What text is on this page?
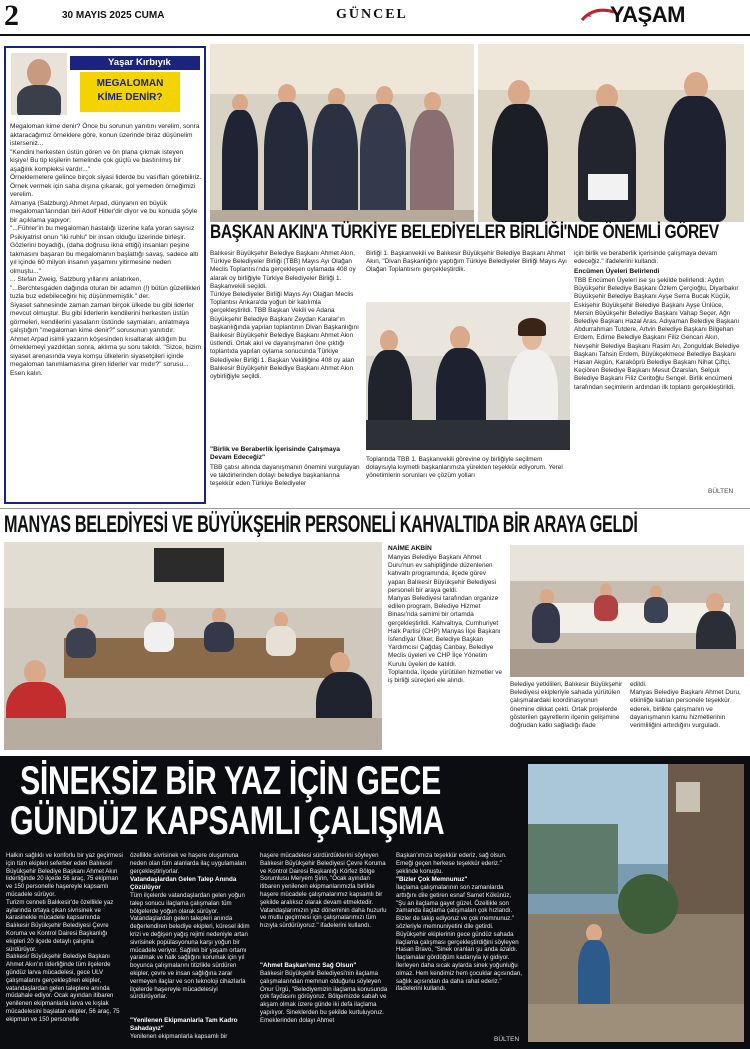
2	30 MAYIS 2025 CUMA	GÜNCEL	YAŞAM
Yaşar Kırbıyık
MEGALOMAN
KİME DENİR?
Megaloman kime denir? Önce bu sorunun yanıtını verelim, sonra aktaracağımız örneklere göre, konun üzerinde biraz düşünelim isterseniz...
"Kendini herkesten üstün gören ve ön plana çıkmak isteyen kişiye! Bu tip kişilerin temelinde çok güçlü ve bastırılmış bir aşağılık kompleksi vardır..."
Örneklemelere gelince birçok siyasi liderde bu vasıfları görebiliriz. Örnek vermek için saha dışına çıkarak, gol yemeden örneğimizi verelim.
Almanya (Salzburg) Ahmet Arpad, dünyanın en büyük megaloman'larından biri Adolf Hitler'dir diyor ve bu konuda şöyle bir açıklama yapıyor:
"...Führer'in bu megaloman hastalığı üzerine kafa yoran sayısız Psikiyatrist onun "iki ruhlu" bir insan olduğu üzerinde birleşir. Gözlerini boyadığı, (daha doğrusu ikna ettiği) insanları peşine takmasını başaran bu megalomanın başlattığı savaş, sadece altı yıl içinde 60 milyon insanın yaşamını yitirmesine neden olmuştu..."
... Stefan Zweig, Salzburg yıllarını anlatırken,
"...Berchtesgaden dağında oturan bir adamın (!) bütün güzellikleri tuzla buz edebileceğini hiç düşünmemiştik." der.
Siyaset sahnesinde zaman zaman birçok ülkede bu gibi liderler mevcut olmuştur. Bu gibi liderlerin kendilerini herkesten üstün görmeleri, kendilerini yasaların üstünde saymaları, anlatmaya çalıştığım "megaloman kime denir?" sorusunun yanıtıdır.
Ahmet Arpad isimli yazarın köşesinden kısaltarak aldığım bu örneklemeyi yazdıktan sonra, aklıma şu soru takıldı. "Sizce, bizim siyaset arenasında veya komşu ülkelerin siyasetçileri içinde megaloman tanımlamasına giren liderler var mıdır?" sorusu... Esen kalın.
BAŞKAN AKIN'A TÜRKİYE BELEDİYELER BİRLİĞİ'NDE ÖNEMLİ GÖREV
Balıkesir Büyükşehir Belediye Başkanı Ahmet Akın, Türkiye Belediyeler Birliği (TBB) Mayıs Ayı Olağan Meclis Toplantısı'nda gerçekleşen oylamada 408 oy alarak oy birliğiyle Türkiye Belediyeler Birliği 1. Başkanvekili seçildi.
Türkiye Belediyeler Birliği Mayıs Ayı Olağan Meclis Toplantısı Ankara'da yoğun bir katılımla gerçekleştirildi. TBB Başkan Vekili ve Adana Büyükşehir Belediye Başkanı Zeydan Karalar'ın başkanlığında yapılan toplantının Divan Başkanlığını Balıkesir Büyükşehir Belediye Başkanı Ahmet Akın üstlendi. Ortak akıl ve dayanışmanın öne çıktığı toplantıda yapılan oylama sonucunda Türkiye Belediyeler Birliği 1. Başkan Vekilliğine 408 oy alan Balıkesir Büyükşehir Belediye Başkanı Ahmet Akın oybirliğiyle seçildi.
"Birlik ve Beraberlik İçerisinde Çalışmaya Devam Edeceğiz"
TBB çatısı altında dayanışmanın önemini vurgulayan ve takdirlerinden dolayı belediye başkanlarına teşekkür eden Türkiye Belediyeler
Birliği 1. Başkanvekili ve Balıkesir Büyükşehir Belediye Başkanı Ahmet Akın, "Divan Başkanlığını yaptığım Türkiye Belediyeler Birliği Mayıs Ayı Olağan Toplantısını gerçekleştirdik.
Toplantıda TBB 1. Başkanvekili görevine oy birliğiyle seçilmem dolayısıyla kıymetli başkanlarımıza yürekten teşekkür ediyorum. Yerel yönetimlerin sorunları ve çözüm yolları
için birlik ve beraberlik içerisinde çalışmaya devam edeceğiz." ifadelerini kullandı.
Encümen Üyeleri Belirlendi
TBB Encümen Üyeleri ise şu şekilde belirlendi: Aydın Büyükşehir Belediye Başkanı Özlem Çerçioğlu, Diyarbakır Büyükşehir Belediye Başkanı Ayşe Serra Bucak Küçük, Eskişehir Büyükşehir Belediye Başkanı Ayşe Ünlüce, Mersin Büyükşehir Belediye Başkanı Vahap Seçer, Ağrı Belediye Başkanı Hazal Aras, Adıyaman Belediye Başkanı Abdurrahman Tutdere, Artvin Belediye Başkanı Bilgehan Erdem, Edirne Belediye Başkanı Filiz Gencan Akın, Nevşehir Belediye Başkanı Rasim Arı, Zonguldak Belediye Başkanı Tahsin Erdem, Büyükçekmece Belediye Başkanı Hasan Akgün, Karaköprü Belediye Başkanı Nihat Çiftçi, Keçiören Belediye Başkanı Mesut Özarslan, Selçuk Belediye Başkanı Filiz Ceritoğlu Sengel. Birlik encümeni tarafından seçimlerin ardından ilk toplantı gerçekleştirildi.
BÜLTEN
MANYAS BELEDİYESİ VE BÜYÜKŞEHİR PERSONELİ KAHVALTIDA BİR ARAYA GELDİ
NAİME AKBİN
Manyas Belediye Başkanı Ahmet Duru'nun ev sahipliğinde düzenlenen kahvaltı programında, ilçede görev yapan Balıkesir Büyükşehir Belediyesi personeli bir araya geldi.
Manyas Belediyesi tarafından organize edilen program, Belediye Hizmet Binası'nda samimi bir ortamda gerçekleştirildi. Kahvaltıya, Cumhuriyet Halk Partisi (CHP) Manyas İlçe Başkanı İsfendiyar Ülker, Belediye Başkan Yardımcısı Çağdaş Canbay, Belediye Meclis üyeleri ve CHP İlçe Yönetim Kurulu üyeleri de katıldı.
Toplantıda, ilçede yürütülen hizmetler ve iş birliği süreçleri ele alındı.
Belediye yetkilileri, Balıkesir Büyükşehir Belediyesi ekipleriyle sahada yürütülen çalışmalardaki koordinasyonun önemine dikkat çekti. Ortak projelerde gösterilen gayretlerin ilçenin gelişimine doğrudan katkı sağladığı ifade
edildi.
Manyas Belediye Başkanı Ahmet Duru, etkinliğe katılan personele teşekkür ederek, birlikte çalışmanın ve dayanışmanın kamu hizmetlerinin verimliliğini artırdığını vurguladı.
SİNEKSİZ BİR YAZ İÇİN GECE
GÜNDÜZ KAPSAMLI ÇALIŞMA
Halkın sağlıklı ve konforlu bir yaz geçirmesi için tüm ekipleri seferber eden Balıkesir Büyükşehir Belediye Başkanı Ahmet Akın liderliğinde 20 ilçede 56 araç, 75 ekipman ve 150 personelle haşereyle kapsamlı mücadele sürüyor.
Turizm cenneti Balıkesir'de özellikle yaz aylarında ortaya çıkan sivrisinek ve karasinekle mücadele kapsamında Balıkesir Büyükşehir Belediyesi Çevre Koruma ve Kontrol Dairesi Başkanlığı ekipleri 20 ilçede detaylı çalışma sürdürüyor.
Balıkesir Büyükşehir Belediye Başkanı Ahmet Akın'ın liderliğinde tüm ilçelerde gündüz larva mücadelesi, gece ULV çalışmalarını gerçekleştiren ekipler, vatandaşlardan gelen taleplere anında müdahale ediyor. Ocak ayından itibaren yenilenen ekipmanlarla larva ve kışlak mücadelesini başlatan ekipler, 56 araç, 75 ekipman ve 150 personelle
özellikle sivrisinek ve haşere oluşumuna neden olan tüm alanlarda ilaç uygulamaları gerçekleştiriyorlar.
Vatandaşlardan Gelen Talep Anında Çözülüyor
Tüm ilçelerde vatandaşlardan gelen yoğun talep sonucu ilaçlama çalışmaları tüm bölgelerde yoğun olarak sürüyor. Vatandaşlardan gelen talepleri anında değerlendiren belediye ekipleri, küresel iklim krizi ve değişen yağış rejimi nedeniyle artan sivrisinek popülasyonuna karşı yoğun bir mücadele veriyor. Sağlıklı bir yaşam ortamı yaratmak ve halk sağlığını korumak için yıl boyunca çalışmalarını titizlikle sürdüren ekipler, çevre ve insan sağlığına zarar vermeyen ilaçlar ve son teknoloji cihazlarla ilçelerde haşereyle mücadelesiyi sürdürüyorlar.
"Yenilenen Ekipmanlarla Tam Kadro Sahadayız"
Yenilenen ekipmanlarla kapsamlı bir
haşere mücadelesi sürdürdüklerini söyleyen Balıkesir Büyükşehir Belediyesi Çevre Koruma ve Kontrol Dairesi Başkanlığı Körfez Bölge Sorumlusu Meryem Şirin, "Ocak ayından itibaren yenilenen ekipmanlarımızla birlikte haşere mücadele çalışmalarımız kapsamlı bir şekilde aralıksız olarak devam etmektedir. Vatandaşlarımızın yaz döneminin daha huzurlu ve mutlu geçirmesi için çalışmalarımızı tüm hızıyla sürdürüyoruz." ifadelerini kullandı.
"Ahmet Başkan'ımız Sağ Olsun"
Balıkesir Büyükşehir Belediyesi'nin ilaçlama çalışmalarından memnun olduğunu söyleyen Onur Ürgü, "Belediyemizin ilaçlama konusunda çok faydasını görüyoruz. Bölgemizde sabah ve akşam olmak üzere günde iki defa ilaçlama yapılıyor. Sineklerden bu şekilde kurtuluyoruz. Emeklerinden dolayı Ahmet
Başkan'ımıza teşekkür ederiz, sağ olsun. Emeği geçen herkese teşekkür ederiz." şeklinde konuştu.
"Bizler Çok Memnunuz"
İlaçlama çalışmalarının son zamanlarda arttığını dile getiren esnaf Samet Kökünüz, "Şu an ilaçlama gayet güzel. Özellikle son zamanda ilaçlama çalışmaları çok hızlandı. Bizler de takip ediyoruz ve çok memnunuz." sözleriyle memnuniyetini dile getirdi.
Büyükşehir ekiplerinin gece gündüz sahada ilaçlama çalışması gerçekleştirdiğini söyleyen Hasan Bravo, "Sinek oranları şu anda azaldı. İlaçlamalar gördüğüm kadarıyla iyi gidiyor.
İlerleyen daha sıcak aylarda sinek yoğunluğu olmaz. Hem kendimiz hem çocuklar açısından, sağlık açısından da daha rahat ederiz." ifadelerini kullandı.
BÜLTEN
